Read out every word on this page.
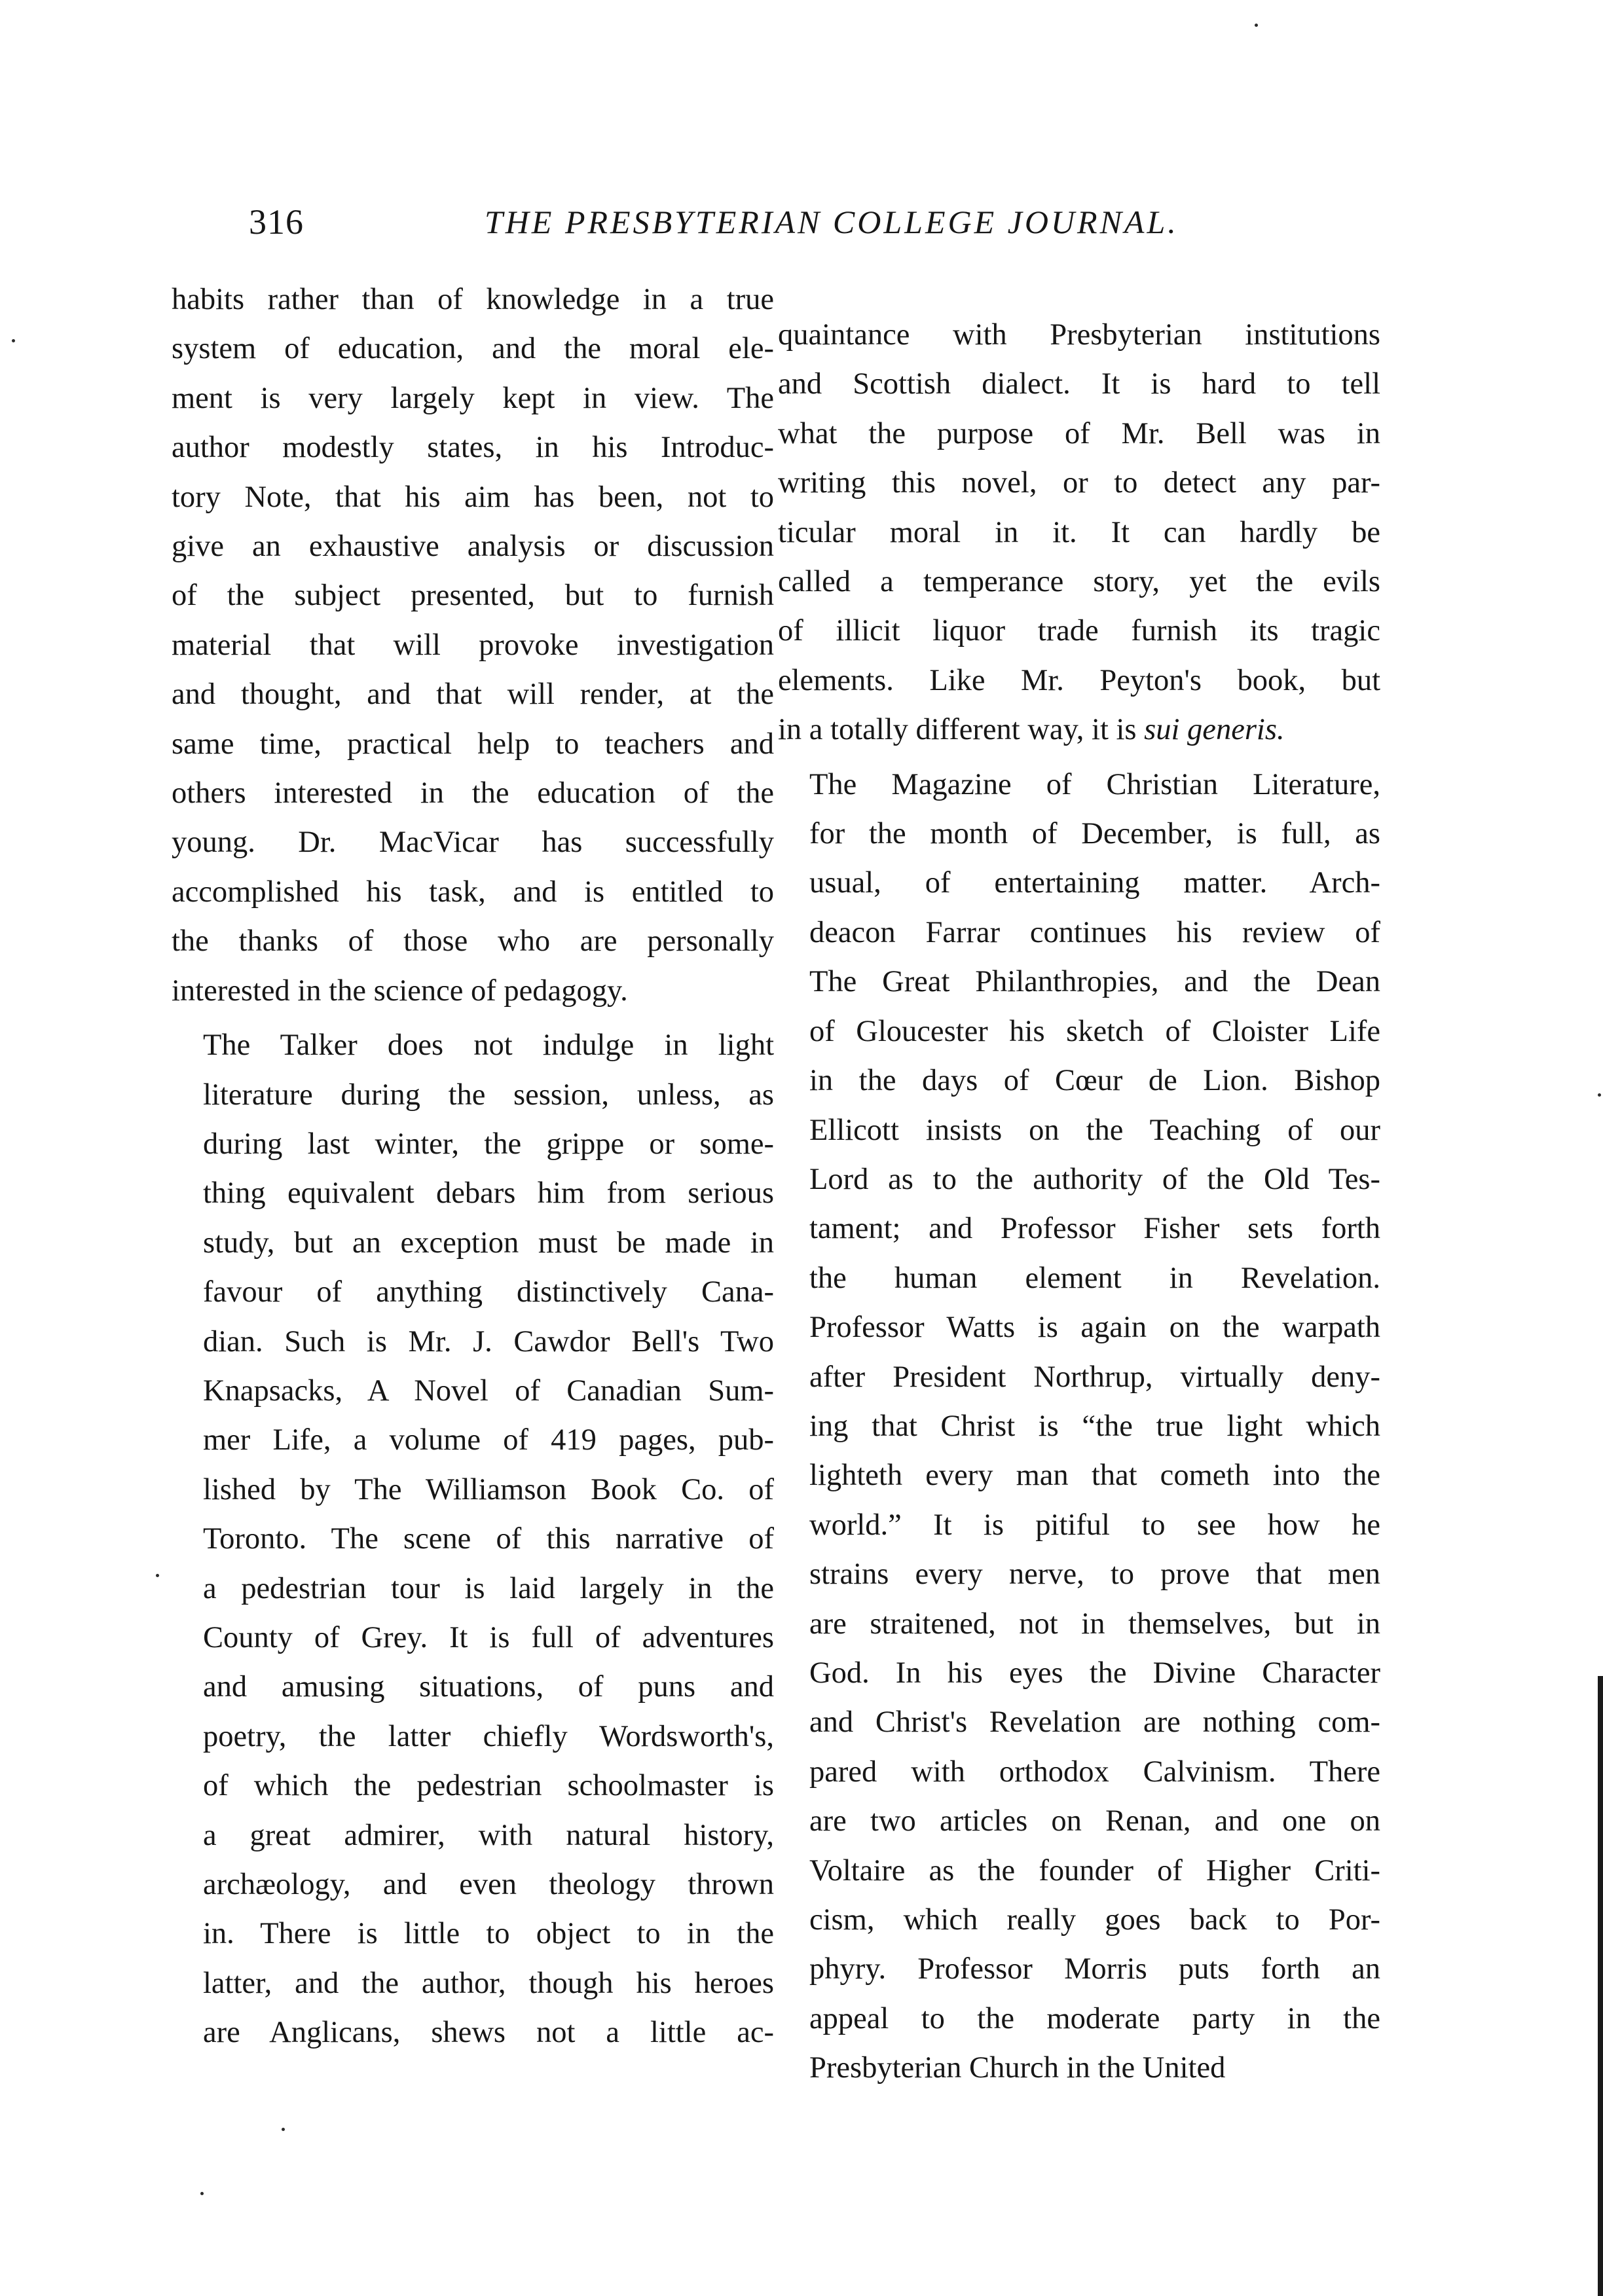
316	THE PRESBYTERIAN COLLEGE JOURNAL.

habits rather than of knowledge in a true
system of education, and the moral ele-
ment is very largely kept in view. The
author modestly states, in his Introduc-
tory Note, that his aim has been, not to
give an exhaustive analysis or discussion
of the subject presented, but to furnish
material that will provoke investigation
and thought, and that will render, at the
same time, practical help to teachers and
others interested in the education of the
young. Dr. MacVicar has successfully
accomplished his task, and is entitled to
the thanks of those who are personally
interested in the science of pedagogy.

The Talker does not indulge in light
literature during the session, unless, as
during last winter, the grippe or some-
thing equivalent debars him from serious
study, but an exception must be made in
favour of anything distinctively Cana-
dian. Such is Mr. J. Cawdor Bell's Two
Knapsacks, A Novel of Canadian Sum-
mer Life, a volume of 419 pages, pub-
lished by The Williamson Book Co. of
Toronto. The scene of this narrative of
a pedestrian tour is laid largely in the
County of Grey. It is full of adventures
and amusing situations, of puns and
poetry, the latter chiefly Wordsworth's,
of which the pedestrian schoolmaster is
a great admirer, with natural history,
archæology, and even theology thrown
in. There is little to object to in the
latter, and the author, though his heroes
are Anglicans, shews not a little ac-

quaintance with Presbyterian institutions
and Scottish dialect. It is hard to tell
what the purpose of Mr. Bell was in
writing this novel, or to detect any par-
ticular moral in it. It can hardly be
called a temperance story, yet the evils
of illicit liquor trade furnish its tragic
elements. Like Mr. Peyton's book, but
in a totally different way, it is sui generis.

The Magazine of Christian Literature,
for the month of December, is full, as
usual, of entertaining matter. Arch-
deacon Farrar continues his review of
The Great Philanthropies, and the Dean
of Gloucester his sketch of Cloister Life
in the days of Cœur de Lion. Bishop
Ellicott insists on the Teaching of our
Lord as to the authority of the Old Tes-
tament; and Professor Fisher sets forth
the human element in Revelation.
Professor Watts is again on the warpath
after President Northrup, virtually deny-
ing that Christ is “the true light which
lighteth every man that cometh into the
world.” It is pitiful to see how he
strains every nerve, to prove that men
are straitened, not in themselves, but in
God. In his eyes the Divine Character
and Christ's Revelation are nothing com-
pared with orthodox Calvinism. There
are two articles on Renan, and one on
Voltaire as the founder of Higher Criti-
cism, which really goes back to Por-
phyry. Professor Morris puts forth an
appeal to the moderate party in the
Presbyterian Church in the United
